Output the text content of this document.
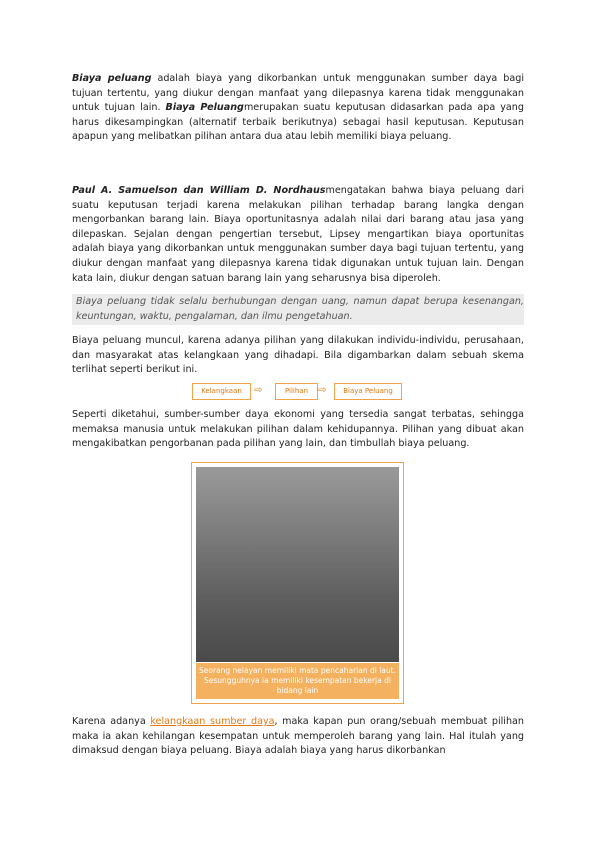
Biaya peluang adalah biaya yang dikorbankan untuk menggunakan sumber daya bagi tujuan tertentu, yang diukur dengan manfaat yang dilepasnya karena tidak menggunakan untuk tujuan lain. Biaya Peluangmerupakan suatu keputusan didasarkan pada apa yang harus dikesampingkan (alternatif terbaik berikutnya) sebagai hasil keputusan. Keputusan apapun yang melibatkan pilihan antara dua atau lebih memiliki biaya peluang.

Paul A. Samuelson dan William D. Nordhausmengatakan bahwa biaya peluang dari suatu keputusan terjadi karena melakukan pilihan terhadap barang langka dengan mengorbankan barang lain. Biaya oportunitasnya adalah nilai dari barang atau jasa yang dilepaskan. Sejalan dengan pengertian tersebut, Lipsey mengartikan biaya oportunitas adalah biaya yang dikorbankan untuk menggunakan sumber daya bagi tujuan tertentu, yang diukur dengan manfaat yang dilepasnya karena tidak digunakan untuk tujuan lain. Dengan kata lain, diukur dengan satuan barang lain yang seharusnya bisa diperoleh.

Biaya peluang tidak selalu berhubungan dengan uang, namun dapat berupa kesenangan, keuntungan, waktu, pengalaman, dan ilmu pengetahuan.

Biaya peluang muncul, karena adanya pilihan yang dilakukan individu-individu, perusahaan, dan masyarakat atas kelangkaan yang dihadapi. Bila digambarkan dalam sebuah skema terlihat seperti berikut ini.

Kelangkaan	⇨	Pilihan ⇨	Biaya Peluang

Seperti diketahui, sumber-sumber daya ekonomi yang tersedia sangat terbatas, sehingga memaksa manusia untuk melakukan pilihan dalam kehidupannya. Pilihan yang dibuat akan mengakibatkan pengorbanan pada pilihan yang lain, dan timbullah biaya peluang.

Seorang nelayan memiliki mata pencaharian di laut. Sesungguhnya ia memiliki kesempatan bekerja di bidang lain

Karena adanya kelangkaan sumber daya, maka kapan pun orang/sebuah membuat pilihan maka ia akan kehilangan kesempatan untuk memperoleh barang yang lain. Hal itulah yang dimaksud dengan biaya peluang. Biaya adalah biaya yang harus dikorbankan
